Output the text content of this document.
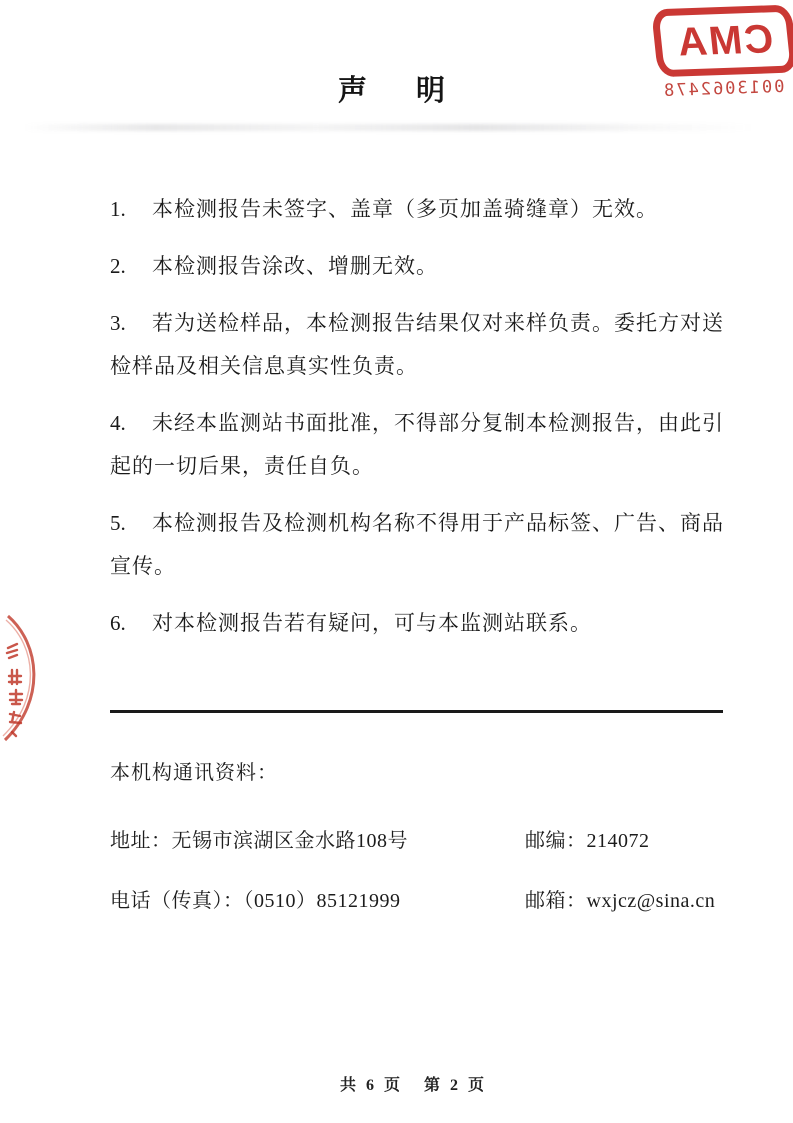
CMA
0013062478
声　明

1. 本检测报告未签字、盖章（多页加盖骑缝章）无效。

2. 本检测报告涂改、增删无效。

3. 若为送检样品，本检测报告结果仅对来样负责。委托方对送检样品及相关信息真实性负责。

4. 未经本监测站书面批准，不得部分复制本检测报告，由此引起的一切后果，责任自负。

5. 本检测报告及检测机构名称不得用于产品标签、广告、商品宣传。

6. 对本检测报告若有疑问，可与本监测站联系。

本机构通讯资料：
地址：无锡市滨湖区金水路108号	邮编：214072
电话（传真）：（0510）85121999	邮箱：wxjcz@sina.cn
共 6 页   第 2 页
